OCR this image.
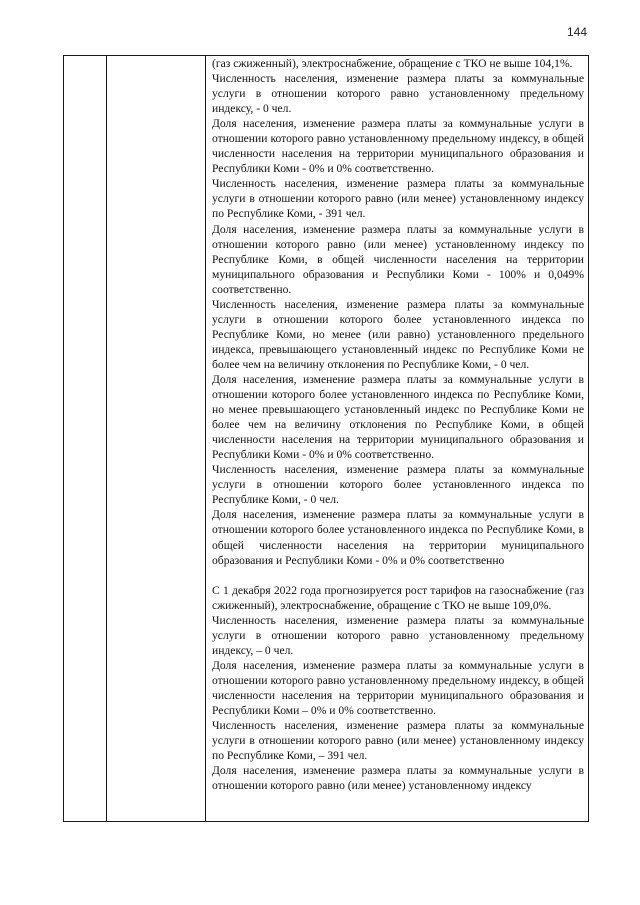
144

(газ сжиженный), электроснабжение, обращение с ТКО не выше 104,1%.

Численность населения, изменение размера платы за коммунальные услуги в отношении которого равно установленному предельному индексу, - 0 чел.

Доля населения, изменение размера платы за коммунальные услуги в отношении которого равно установленному предельному индексу, в общей численности населения на территории муниципального образования и Республики Коми - 0% и 0% соответственно.

Численность населения, изменение размера платы за коммунальные услуги в отношении которого равно (или менее) установленному индексу по Республике Коми, - 391 чел.

Доля населения, изменение размера платы за коммунальные услуги в отношении которого равно (или менее) установленному индексу по Республике Коми, в общей численности населения на территории муниципального образования и Республики Коми - 100% и 0,049% соответственно.

Численность населения, изменение размера платы за коммунальные услуги в отношении которого более установленного индекса по Республике Коми, но менее (или равно) установленного предельного индекса, превышающего установленный индекс по Республике Коми не более чем на величину отклонения по Республике Коми, - 0 чел.

Доля населения, изменение размера платы за коммунальные услуги в отношении которого более установленного индекса по Республике Коми, но менее превышающего установленный индекс по Республике Коми не более чем на величину отклонения по Республике Коми, в общей численности населения на территории муниципального образования и Республики Коми - 0% и 0% соответственно.

Численность населения, изменение размера платы за коммунальные услуги в отношении которого более установленного индекса по Республике Коми, - 0 чел.

Доля населения, изменение размера платы за коммунальные услуги в отношении которого более установленного индекса по Республике Коми, в общей численности населения на территории муниципального образования и Республики Коми - 0% и 0% соответственно

С 1 декабря 2022 года прогнозируется рост тарифов на газоснабжение (газ сжиженный), электроснабжение, обращение с ТКО не выше 109,0%.

Численность населения, изменение размера платы за коммунальные услуги в отношении которого равно установленному предельному индексу, – 0 чел.

Доля населения, изменение размера платы за коммунальные услуги в отношении которого равно установленному предельному индексу, в общей численности населения на территории муниципального образования и Республики Коми – 0% и 0% соответственно.

Численность населения, изменение размера платы за коммунальные услуги в отношении которого равно (или менее) установленному индексу по Республике Коми, – 391 чел.

Доля населения, изменение размера платы за коммунальные услуги в отношении которого равно (или менее) установленному индексу
